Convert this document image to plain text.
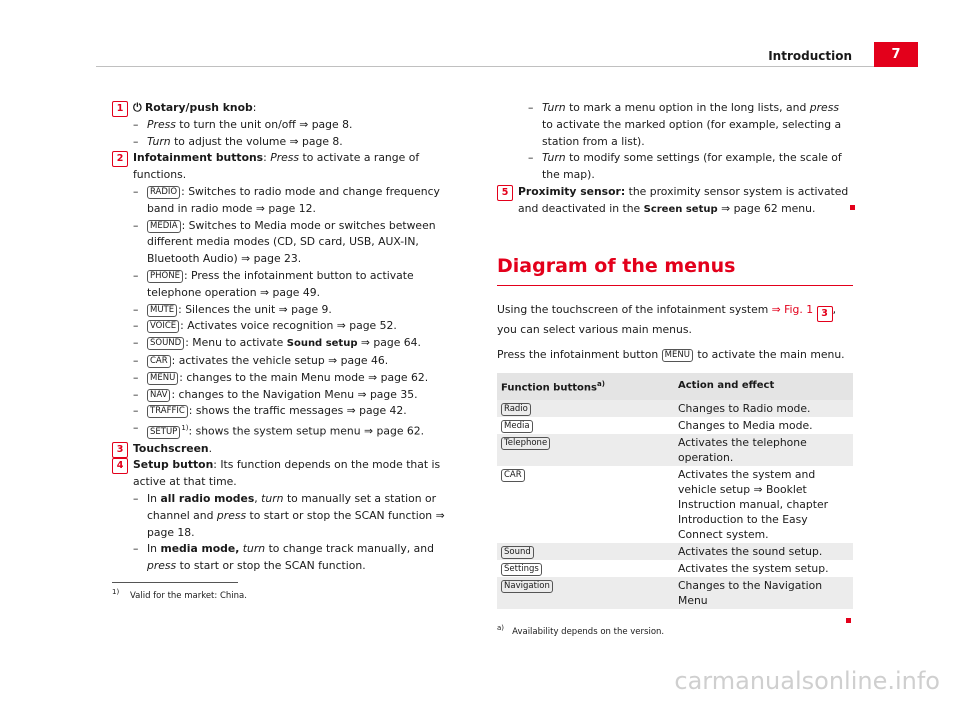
Introduction	7
1 ⏻ Rotary/push knob:
– Press to turn the unit on/off ⇒ page 8.
– Turn to adjust the volume ⇒ page 8.
2 Infotainment buttons: Press to activate a range of functions.
– RADIO : Switches to radio mode and change frequency band in radio mode ⇒ page 12.
– MEDIA : Switches to Media mode or switches between different media modes (CD, SD card, USB, AUX-IN, Bluetooth Audio) ⇒ page 23.
– PHONE : Press the infotainment button to activate telephone operation ⇒ page 49.
– MUTE : Silences the unit ⇒ page 9.
– VOICE : Activates voice recognition ⇒ page 52.
– SOUND : Menu to activate Sound setup ⇒ page 64.
– CAR : activates the vehicle setup ⇒ page 46.
– MENU : changes to the main Menu mode ⇒ page 62.
– NAV : changes to the Navigation Menu ⇒ page 35.
– TRAFFIC : shows the traffic messages ⇒ page 42.
– SETUP $^{1)}$: shows the system setup menu ⇒ page 62.
3 Touchscreen.
4 Setup button: Its function depends on the mode that is active at that time.
– In all radio modes, turn to manually set a station or channel and press to start or stop the SCAN function ⇒ page 18.
– In media mode, turn to change track manually, and press to start or stop the SCAN function.
– Turn to mark a menu option in the long lists, and press to activate the marked option (for example, selecting a station from a list).
– Turn to modify some settings (for example, the scale of the map).
5 Proximity sensor: the proximity sensor system is activated and deactivated in the Screen setup ⇒ page 62 menu.
Diagram of the menus
Using the touchscreen of the infotainment system ⇒ Fig. 1 3 , you can select various main menus.
Press the infotainment button MENU to activate the main menu.
Function buttons$^{a)}$	Action and effect
Radio	Changes to Radio mode.
Media	Changes to Media mode.
Telephone	Activates the telephone operation.
CAR	Activates the system and vehicle setup ⇒ Booklet Instruction manual, chapter Introduction to the Easy Connect system.
Sound	Activates the sound setup.
Settings	Activates the system setup.
Navigation	Changes to the Navigation Menu
$^{a)}$ Availability depends on the version.
$^{1)}$ Valid for the market: China.
carmanualsonline.info
